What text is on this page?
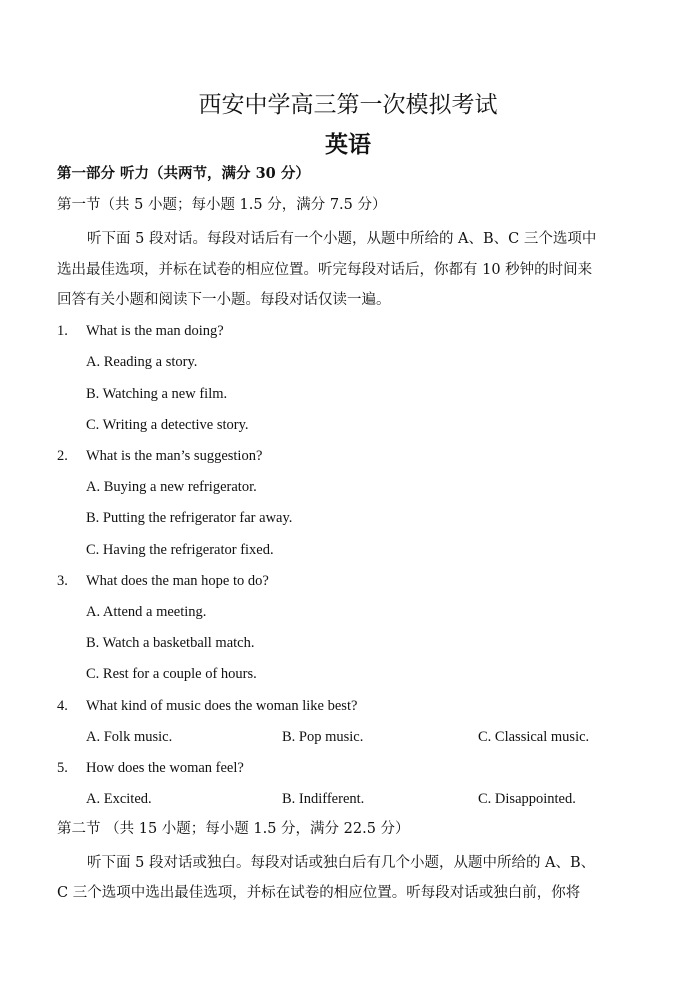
西安中学高三第一次模拟考试
英语
第一部分 听力（共两节，满分 30 分）
第一节（共 5 小题；每小题 1.5 分，满分 7.5 分）
听下面 5 段对话。每段对话后有一个小题，从题中所给的 A、B、C 三个选项中
选出最佳选项，并标在试卷的相应位置。听完每段对话后，你都有 10 秒钟的时间来
回答有关小题和阅读下一小题。每段对话仅读一遍。
1. What is the man doing?
A. Reading a story.
B. Watching a new film.
C. Writing a detective story.
2. What is the man’s suggestion?
A. Buying a new refrigerator.
B. Putting the refrigerator far away.
C. Having the refrigerator fixed.
3. What does the man hope to do?
A. Attend a meeting.
B. Watch a basketball match.
C. Rest for a couple of hours.
4. What kind of music does the woman like best?
A. Folk music.	B. Pop music.	C. Classical music.
5. How does the woman feel?
A. Excited.	B. Indifferent.	C. Disappointed.
第二节 （共 15 小题；每小题 1.5 分，满分 22.5 分）
听下面 5 段对话或独白。每段对话或独白后有几个小题，从题中所给的 A、B、
C 三个选项中选出最佳选项，并标在试卷的相应位置。听每段对话或独白前，你将
